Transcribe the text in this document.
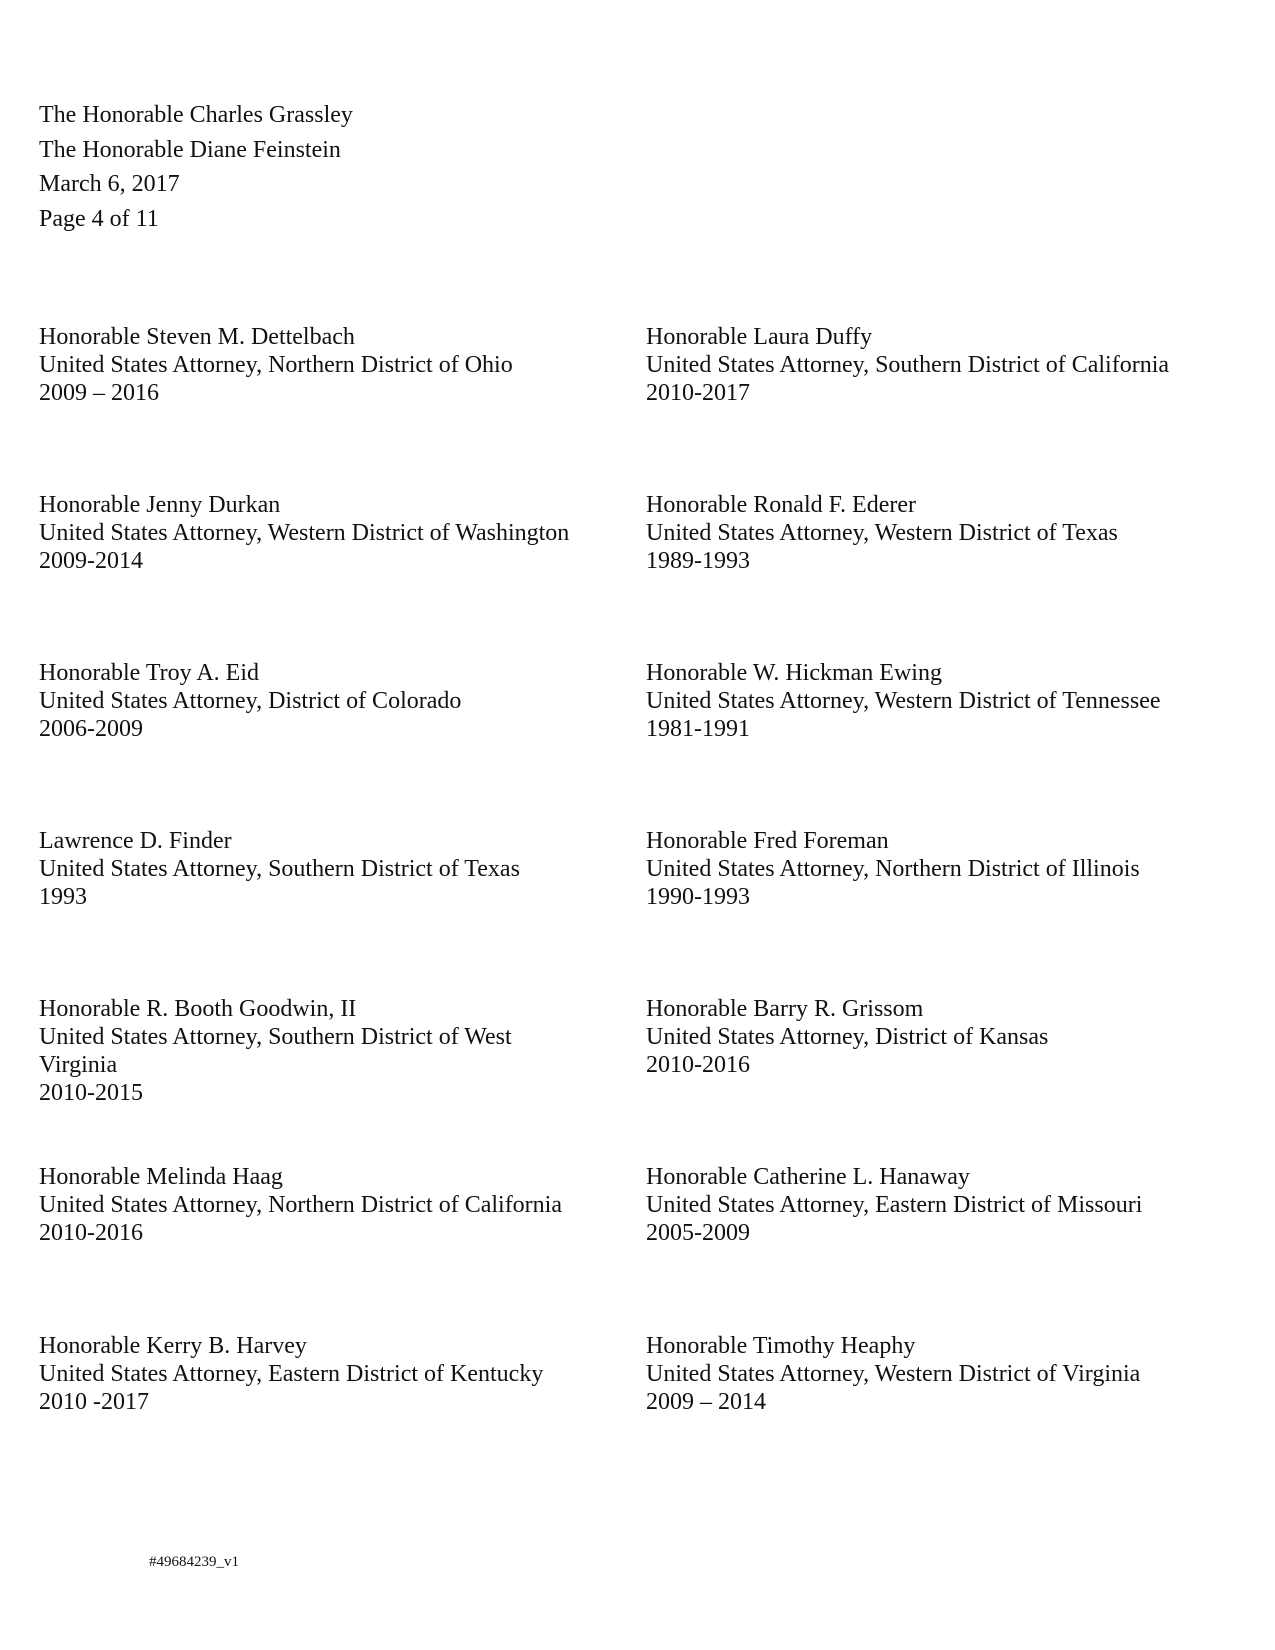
The Honorable Charles Grassley
The Honorable Diane Feinstein
March 6, 2017
Page 4 of 11
Honorable Steven M. Dettelbach
United States Attorney, Northern District of Ohio
2009 – 2016
Honorable Laura Duffy
United States Attorney, Southern District of California
2010-2017
Honorable Jenny Durkan
United States Attorney, Western District of Washington
2009-2014
Honorable Ronald F. Ederer
United States Attorney, Western District of Texas
1989-1993
Honorable Troy A. Eid
United States Attorney, District of Colorado
2006-2009
Honorable W. Hickman Ewing
United States Attorney, Western District of Tennessee
1981-1991
Lawrence D. Finder
United States Attorney, Southern District of Texas
1993
Honorable Fred Foreman
United States Attorney, Northern District of Illinois
1990-1993
Honorable R. Booth Goodwin, II
United States Attorney, Southern District of West
Virginia
2010-2015
Honorable Barry R. Grissom
United States Attorney, District of Kansas
2010-2016
Honorable Melinda Haag
United States Attorney, Northern District of California
2010-2016
Honorable Catherine L. Hanaway
United States Attorney, Eastern District of Missouri
2005-2009
Honorable Kerry B. Harvey
United States Attorney, Eastern District of Kentucky
2010 -2017
Honorable Timothy Heaphy
United States Attorney, Western District of Virginia
2009 – 2014
#49684239_v1
